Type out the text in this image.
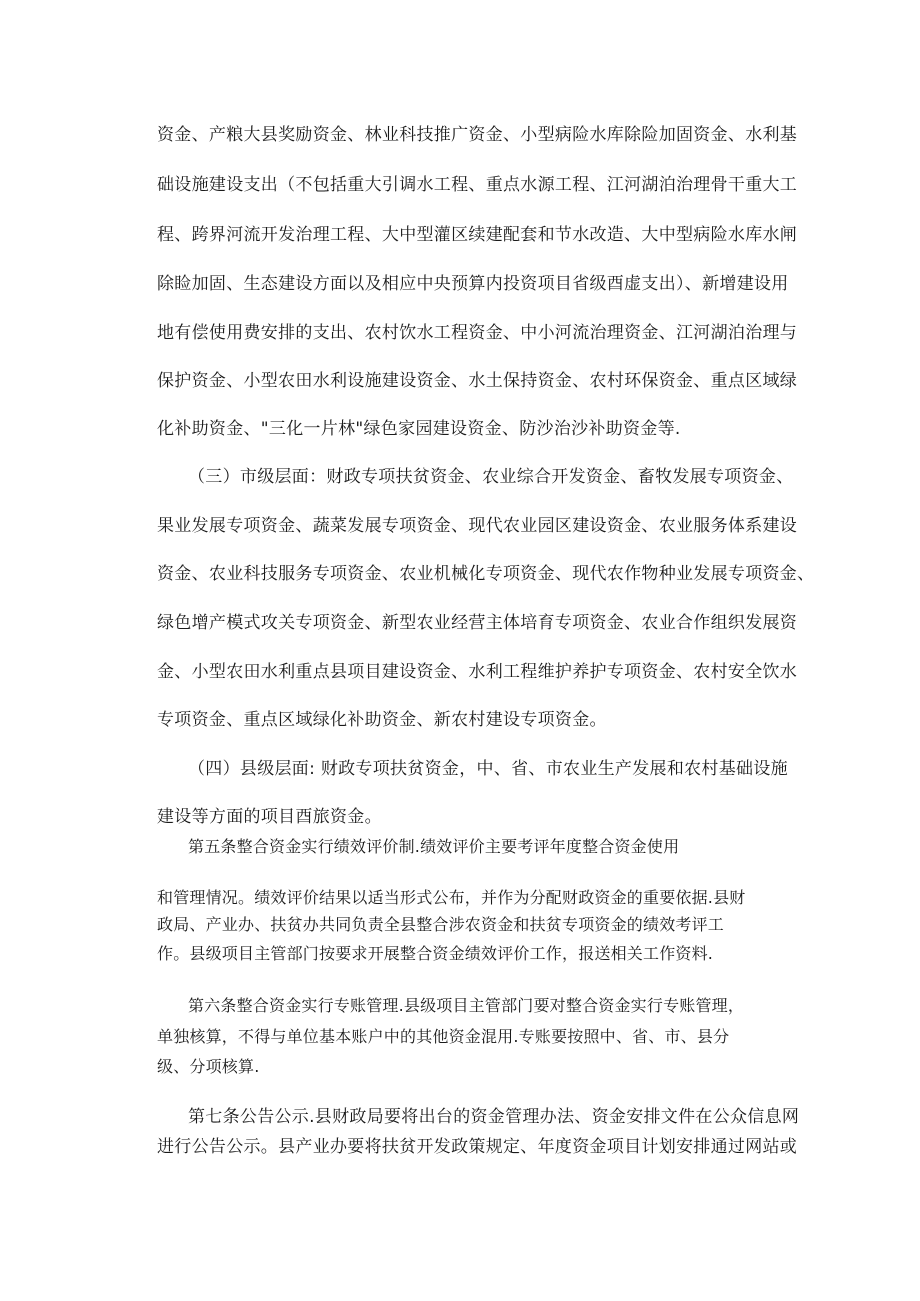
资金、产粮大县奖励资金、林业科技推广资金、小型病险水库除险加固资金、水利基

础设施建设支出（不包括重大引调水工程、重点水源工程、江河湖泊治理骨干重大工

程、跨界河流开发治理工程、大中型灌区续建配套和节水改造、大中型病险水库水闸

除睑加固、生态建设方面以及相应中央预算内投资项目省级酉虚支出）、新增建设用

地有偿使用费安排的支出、农村饮水工程资金、中小河流治理资金、江河湖泊治理与

保护资金、小型农田水利设施建设资金、水土保持资金、农村环保资金、重点区域绿

化补助资金、"三化一片林"绿色家园建设资金、防沙治沙补助资金等.

（三）市级层面：财政专项扶贫资金、农业综合开发资金、畜牧发展专项资金、

果业发展专项资金、蔬菜发展专项资金、现代农业园区建设资金、农业服务体系建设

资金、农业科技服务专项资金、农业机械化专项资金、现代农作物种业发展专项资金、

绿色增产模式攻关专项资金、新型农业经营主体培育专项资金、农业合作组织发展资

金、小型农田水利重点县项目建设资金、水利工程维护养护专项资金、农村安全饮水

专项资金、重点区域绿化补助资金、新农村建设专项资金。

（四）县级层面: 财政专项扶贫资金，中、省、市农业生产发展和农村基础设施

建设等方面的项目酉旅资金。

第五条整合资金实行绩效评价制.绩效评价主要考评年度整合资金使用

和管理情况。绩效评价结果以适当形式公布，并作为分配财政资金的重要依据.县财

政局、产业办、扶贫办共同负责全县整合涉农资金和扶贫专项资金的绩效考评工

作。县级项目主管部门按要求开展整合资金绩效评价工作，报送相关工作资料.

第六条整合资金实行专账管理.县级项目主管部门要对整合资金实行专账管理，

单独核算，不得与单位基本账户中的其他资金混用.专账要按照中、省、市、县分

级、分项核算.

第七条公告公示.县财政局要将出台的资金管理办法、资金安排文件在公众信息网

进行公告公示。县产业办要将扶贫开发政策规定、年度资金项目计划安排通过网站或
